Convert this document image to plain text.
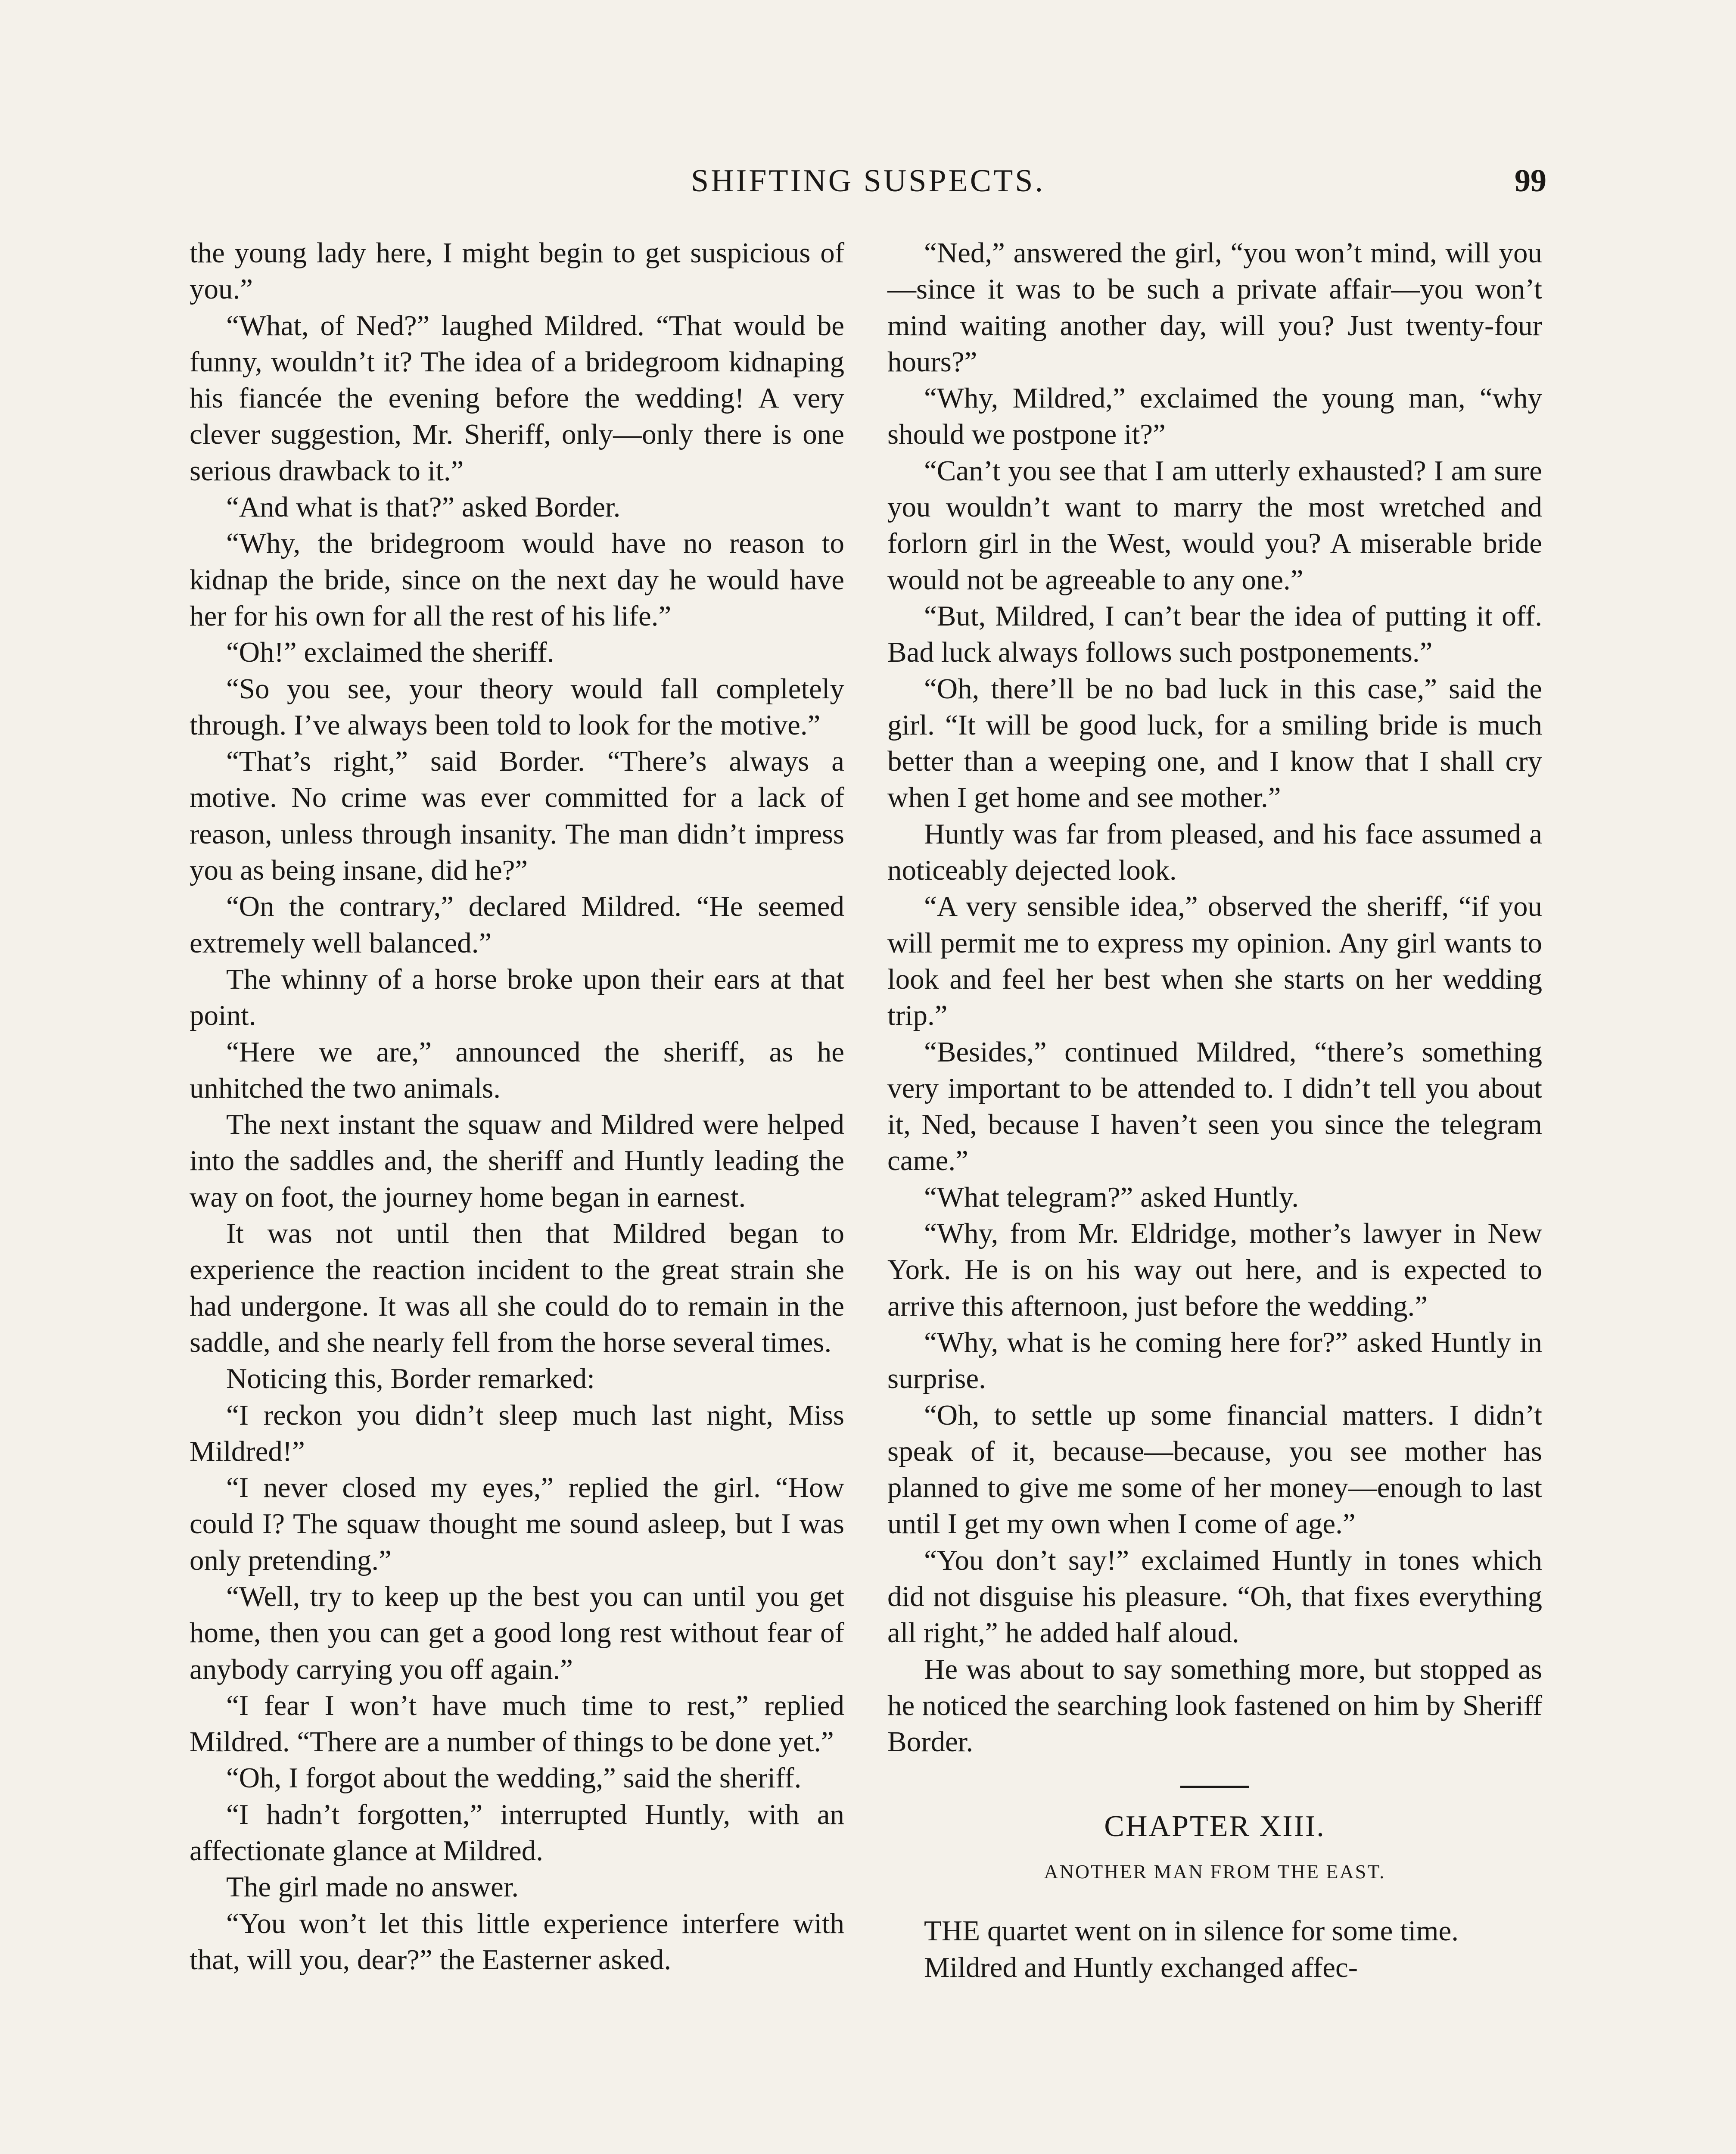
SHIFTING SUSPECTS.	99

the young lady here, I might begin to get suspicious of you.”

“What, of Ned?” laughed Mildred. “That would be funny, wouldn’t it? The idea of a bridegroom kidnaping his fiancée the evening before the wedding! A very clever suggestion, Mr. Sheriff, only—only there is one serious drawback to it.”

“And what is that?” asked Border.

“Why, the bridegroom would have no reason to kidnap the bride, since on the next day he would have her for his own for all the rest of his life.”

“Oh!” exclaimed the sheriff.

“So you see, your theory would fall completely through. I’ve always been told to look for the motive.”

“That’s right,” said Border. “There’s always a motive. No crime was ever committed for a lack of reason, unless through insanity. The man didn’t impress you as being insane, did he?”

“On the contrary,” declared Mildred. “He seemed extremely well balanced.”

The whinny of a horse broke upon their ears at that point.

“Here we are,” announced the sheriff, as he unhitched the two animals.

The next instant the squaw and Mildred were helped into the saddles and, the sheriff and Huntly leading the way on foot, the journey home began in earnest.

It was not until then that Mildred began to experience the reaction incident to the great strain she had undergone. It was all she could do to remain in the saddle, and she nearly fell from the horse several times.

Noticing this, Border remarked:

“I reckon you didn’t sleep much last night, Miss Mildred!”

“I never closed my eyes,” replied the girl. “How could I? The squaw thought me sound asleep, but I was only pretending.”

“Well, try to keep up the best you can until you get home, then you can get a good long rest without fear of anybody carrying you off again.”

“I fear I won’t have much time to rest,” replied Mildred. “There are a number of things to be done yet.”

“Oh, I forgot about the wedding,” said the sheriff.

“I hadn’t forgotten,” interrupted Huntly, with an affectionate glance at Mildred.

The girl made no answer.

“You won’t let this little experience interfere with that, will you, dear?” the Easterner asked.

“Ned,” answered the girl, “you won’t mind, will you—since it was to be such a private affair—you won’t mind waiting another day, will you? Just twenty-four hours?”

“Why, Mildred,” exclaimed the young man, “why should we postpone it?”

“Can’t you see that I am utterly exhausted? I am sure you wouldn’t want to marry the most wretched and forlorn girl in the West, would you? A miserable bride would not be agreeable to any one.”

“But, Mildred, I can’t bear the idea of putting it off. Bad luck always follows such postponements.”

“Oh, there’ll be no bad luck in this case,” said the girl. “It will be good luck, for a smiling bride is much better than a weeping one, and I know that I shall cry when I get home and see mother.”

Huntly was far from pleased, and his face assumed a noticeably dejected look.

“A very sensible idea,” observed the sheriff, “if you will permit me to express my opinion. Any girl wants to look and feel her best when she starts on her wedding trip.”

“Besides,” continued Mildred, “there’s something very important to be attended to. I didn’t tell you about it, Ned, because I haven’t seen you since the telegram came.”

“What telegram?” asked Huntly.

“Why, from Mr. Eldridge, mother’s lawyer in New York. He is on his way out here, and is expected to arrive this afternoon, just before the wedding.”

“Why, what is he coming here for?” asked Huntly in surprise.

“Oh, to settle up some financial matters. I didn’t speak of it, because—because, you see mother has planned to give me some of her money—enough to last until I get my own when I come of age.”

“You don’t say!” exclaimed Huntly in tones which did not disguise his pleasure. “Oh, that fixes everything all right,” he added half aloud.

He was about to say something more, but stopped as he noticed the searching look fastened on him by Sheriff Border.

CHAPTER XIII.
ANOTHER MAN FROM THE EAST.

THE quartet went on in silence for some time.

Mildred and Huntly exchanged affec-
